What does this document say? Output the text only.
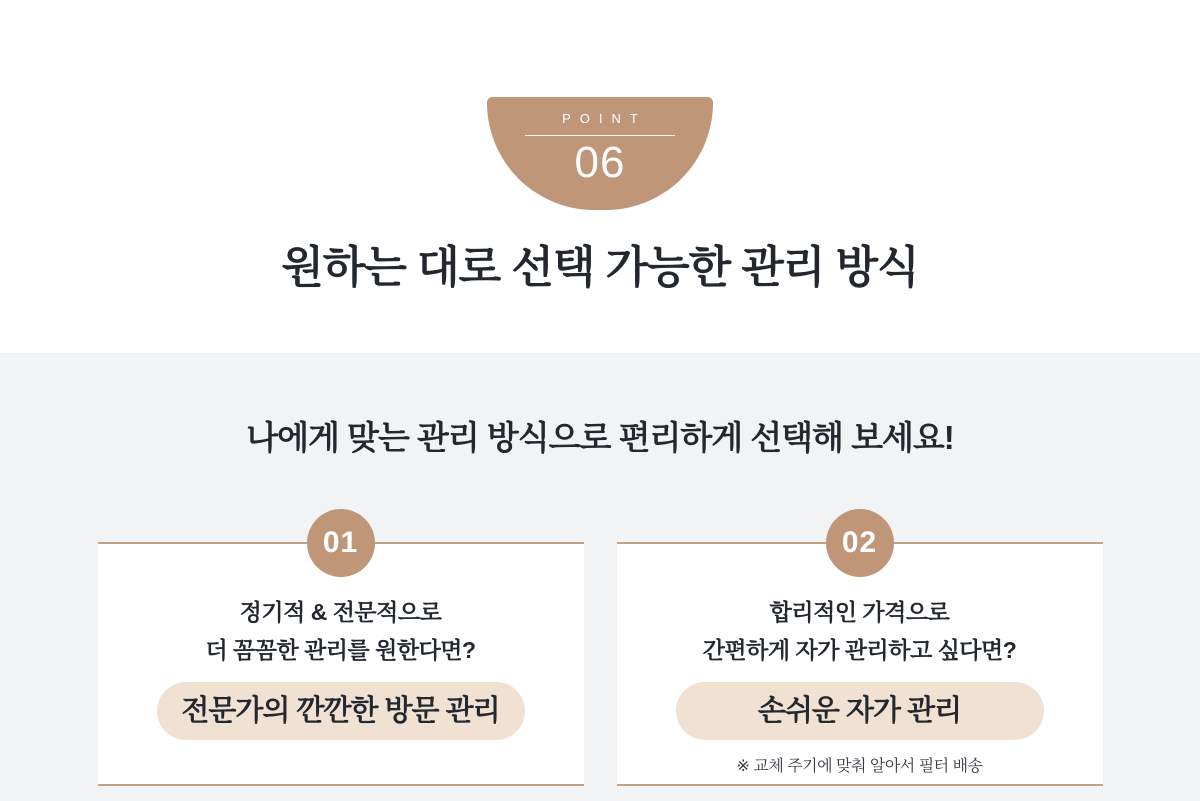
POINT
06
원하는 대로 선택 가능한 관리 방식
나에게 맞는 관리 방식으로 편리하게 선택해 보세요!
01
정기적 & 전문적으로
더 꼼꼼한 관리를 원한다면?
전문가의 깐깐한 방문 관리
02
합리적인 가격으로
간편하게 자가 관리하고 싶다면?
손쉬운 자가 관리
※ 교체 주기에 맞춰 알아서 필터 배송
